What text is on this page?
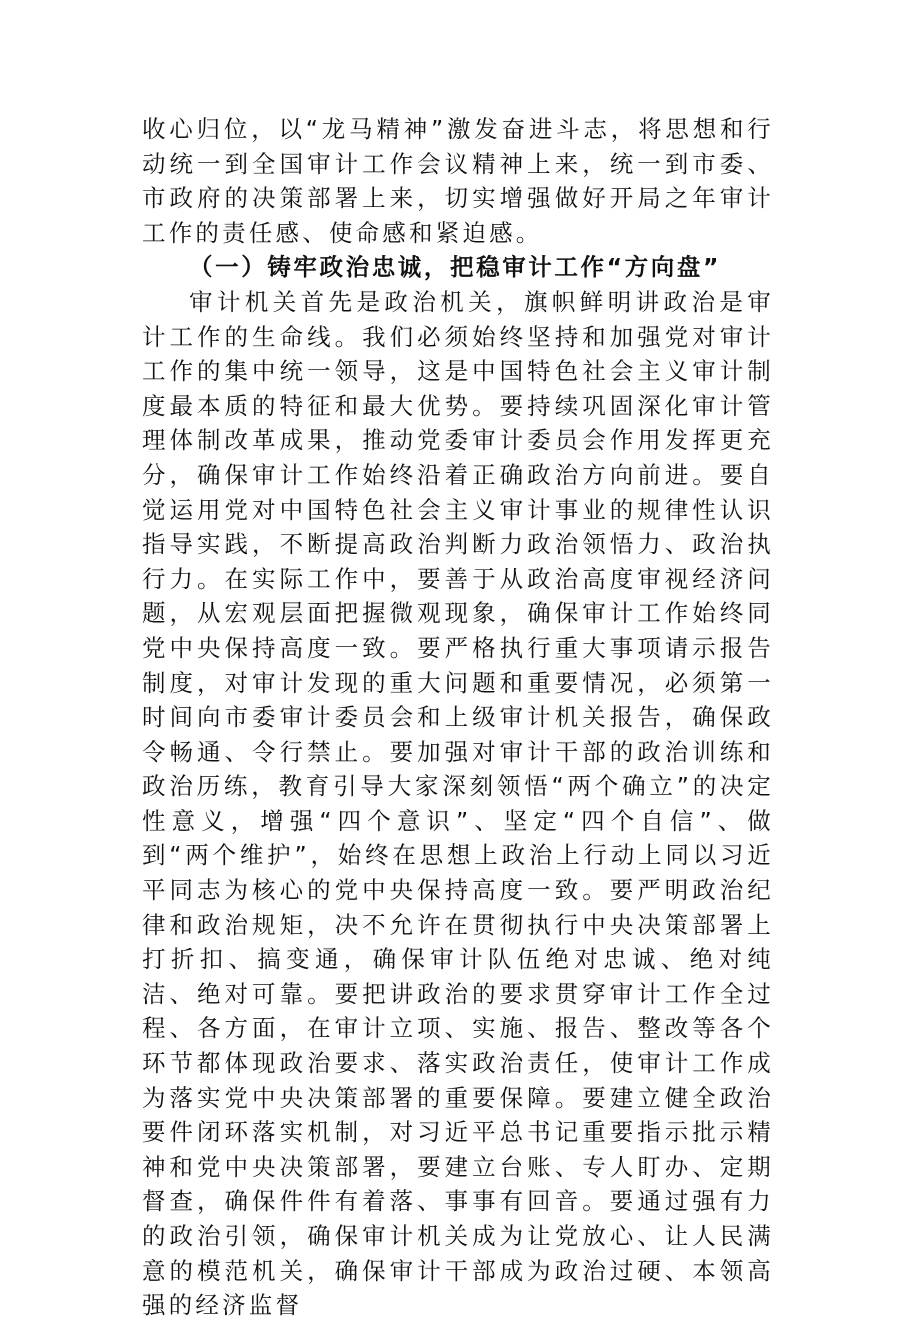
收心归位，以“龙马精神”激发奋进斗志，将思想和行动统一到全国审计工作会议精神上来，统一到市委、市政府的决策部署上来，切实增强做好开局之年审计工作的责任感、使命感和紧迫感。

（一）铸牢政治忠诚，把稳审计工作“方向盘”

审计机关首先是政治机关，旗帜鲜明讲政治是审计工作的生命线。我们必须始终坚持和加强党对审计工作的集中统一领导，这是中国特色社会主义审计制度最本质的特征和最大优势。要持续巩固深化审计管理体制改革成果，推动党委审计委员会作用发挥更充分，确保审计工作始终沿着正确政治方向前进。要自觉运用党对中国特色社会主义审计事业的规律性认识指导实践，不断提高政治判断力政治领悟力、政治执行力。在实际工作中，要善于从政治高度审视经济问题，从宏观层面把握微观现象，确保审计工作始终同党中央保持高度一致。要严格执行重大事项请示报告制度，对审计发现的重大问题和重要情况，必须第一时间向市委审计委员会和上级审计机关报告，确保政令畅通、令行禁止。要加强对审计干部的政治训练和政治历练，教育引导大家深刻领悟“两个确立”的决定性意义，增强“四个意识”、坚定“四个自信”、做到“两个维护”，始终在思想上政治上行动上同以习近平同志为核心的党中央保持高度一致。要严明政治纪律和政治规矩，决不允许在贯彻执行中央决策部署上打折扣、搞变通，确保审计队伍绝对忠诚、绝对纯洁、绝对可靠。要把讲政治的要求贯穿审计工作全过程、各方面，在审计立项、实施、报告、整改等各个环节都体现政治要求、落实政治责任，使审计工作成为落实党中央决策部署的重要保障。要建立健全政治要件闭环落实机制，对习近平总书记重要指示批示精神和党中央决策部署，要建立台账、专人盯办、定期督查，确保件件有着落、事事有回音。要通过强有力的政治引领，确保审计机关成为让党放心、让人民满意的模范机关，确保审计干部成为政治过硬、本领高强的经济监督
